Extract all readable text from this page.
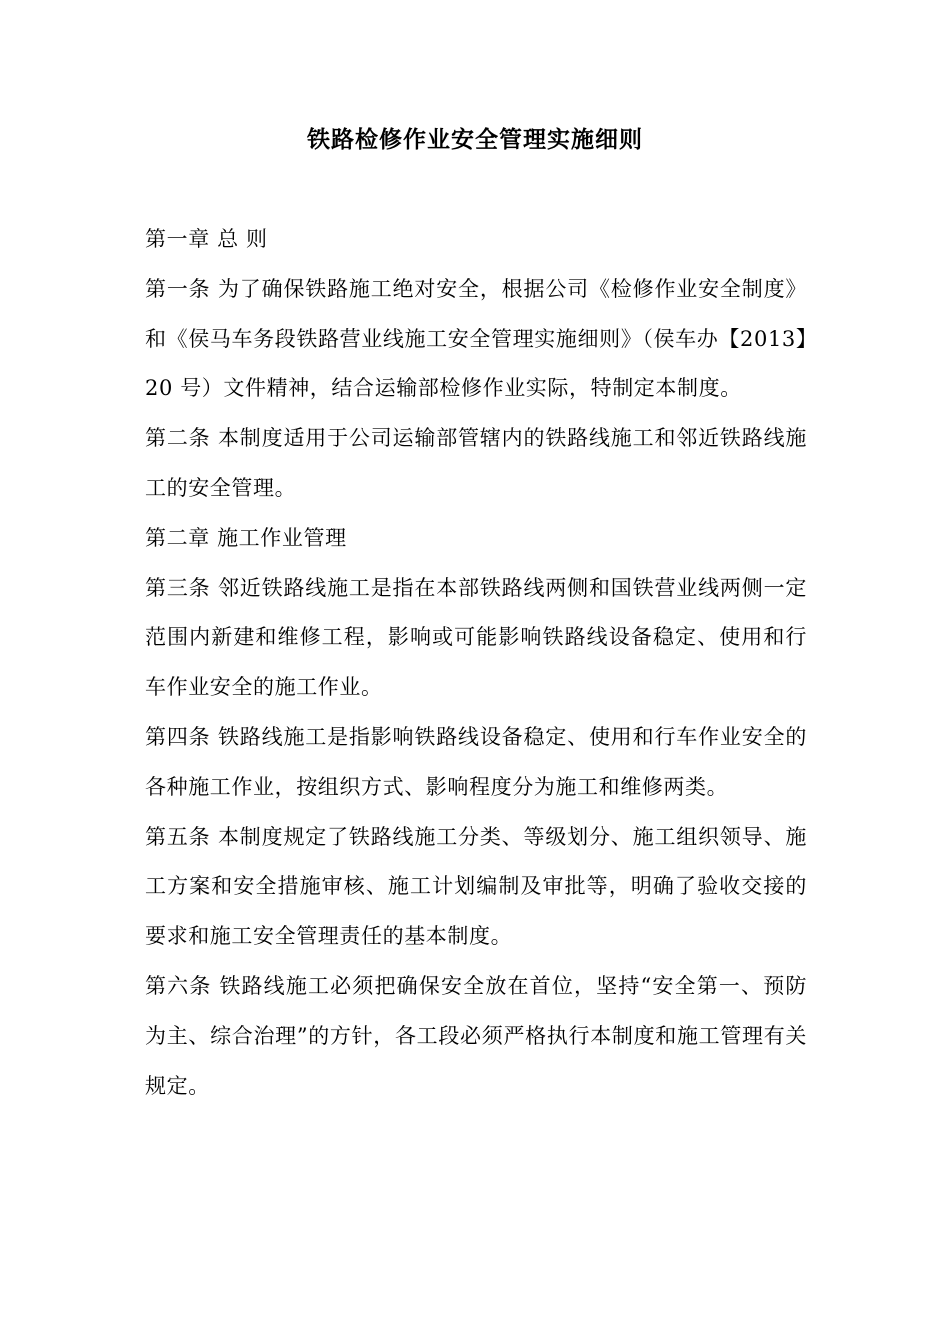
铁路检修作业安全管理实施细则

第一章 总 则

第一条 为了确保铁路施工绝对安全，根据公司《检修作业安全制度》和《侯马车务段铁路营业线施工安全管理实施细则》（侯车办【2013】20 号）文件精神，结合运输部检修作业实际，特制定本制度。

第二条 本制度适用于公司运输部管辖内的铁路线施工和邻近铁路线施工的安全管理。

第二章 施工作业管理

第三条 邻近铁路线施工是指在本部铁路线两侧和国铁营业线两侧一定范围内新建和维修工程，影响或可能影响铁路线设备稳定、使用和行车作业安全的施工作业。

第四条 铁路线施工是指影响铁路线设备稳定、使用和行车作业安全的各种施工作业，按组织方式、影响程度分为施工和维修两类。

第五条 本制度规定了铁路线施工分类、等级划分、施工组织领导、施工方案和安全措施审核、施工计划编制及审批等，明确了验收交接的要求和施工安全管理责任的基本制度。

第六条 铁路线施工必须把确保安全放在首位，坚持“安全第一、预防为主、综合治理”的方针，各工段必须严格执行本制度和施工管理有关规定。
